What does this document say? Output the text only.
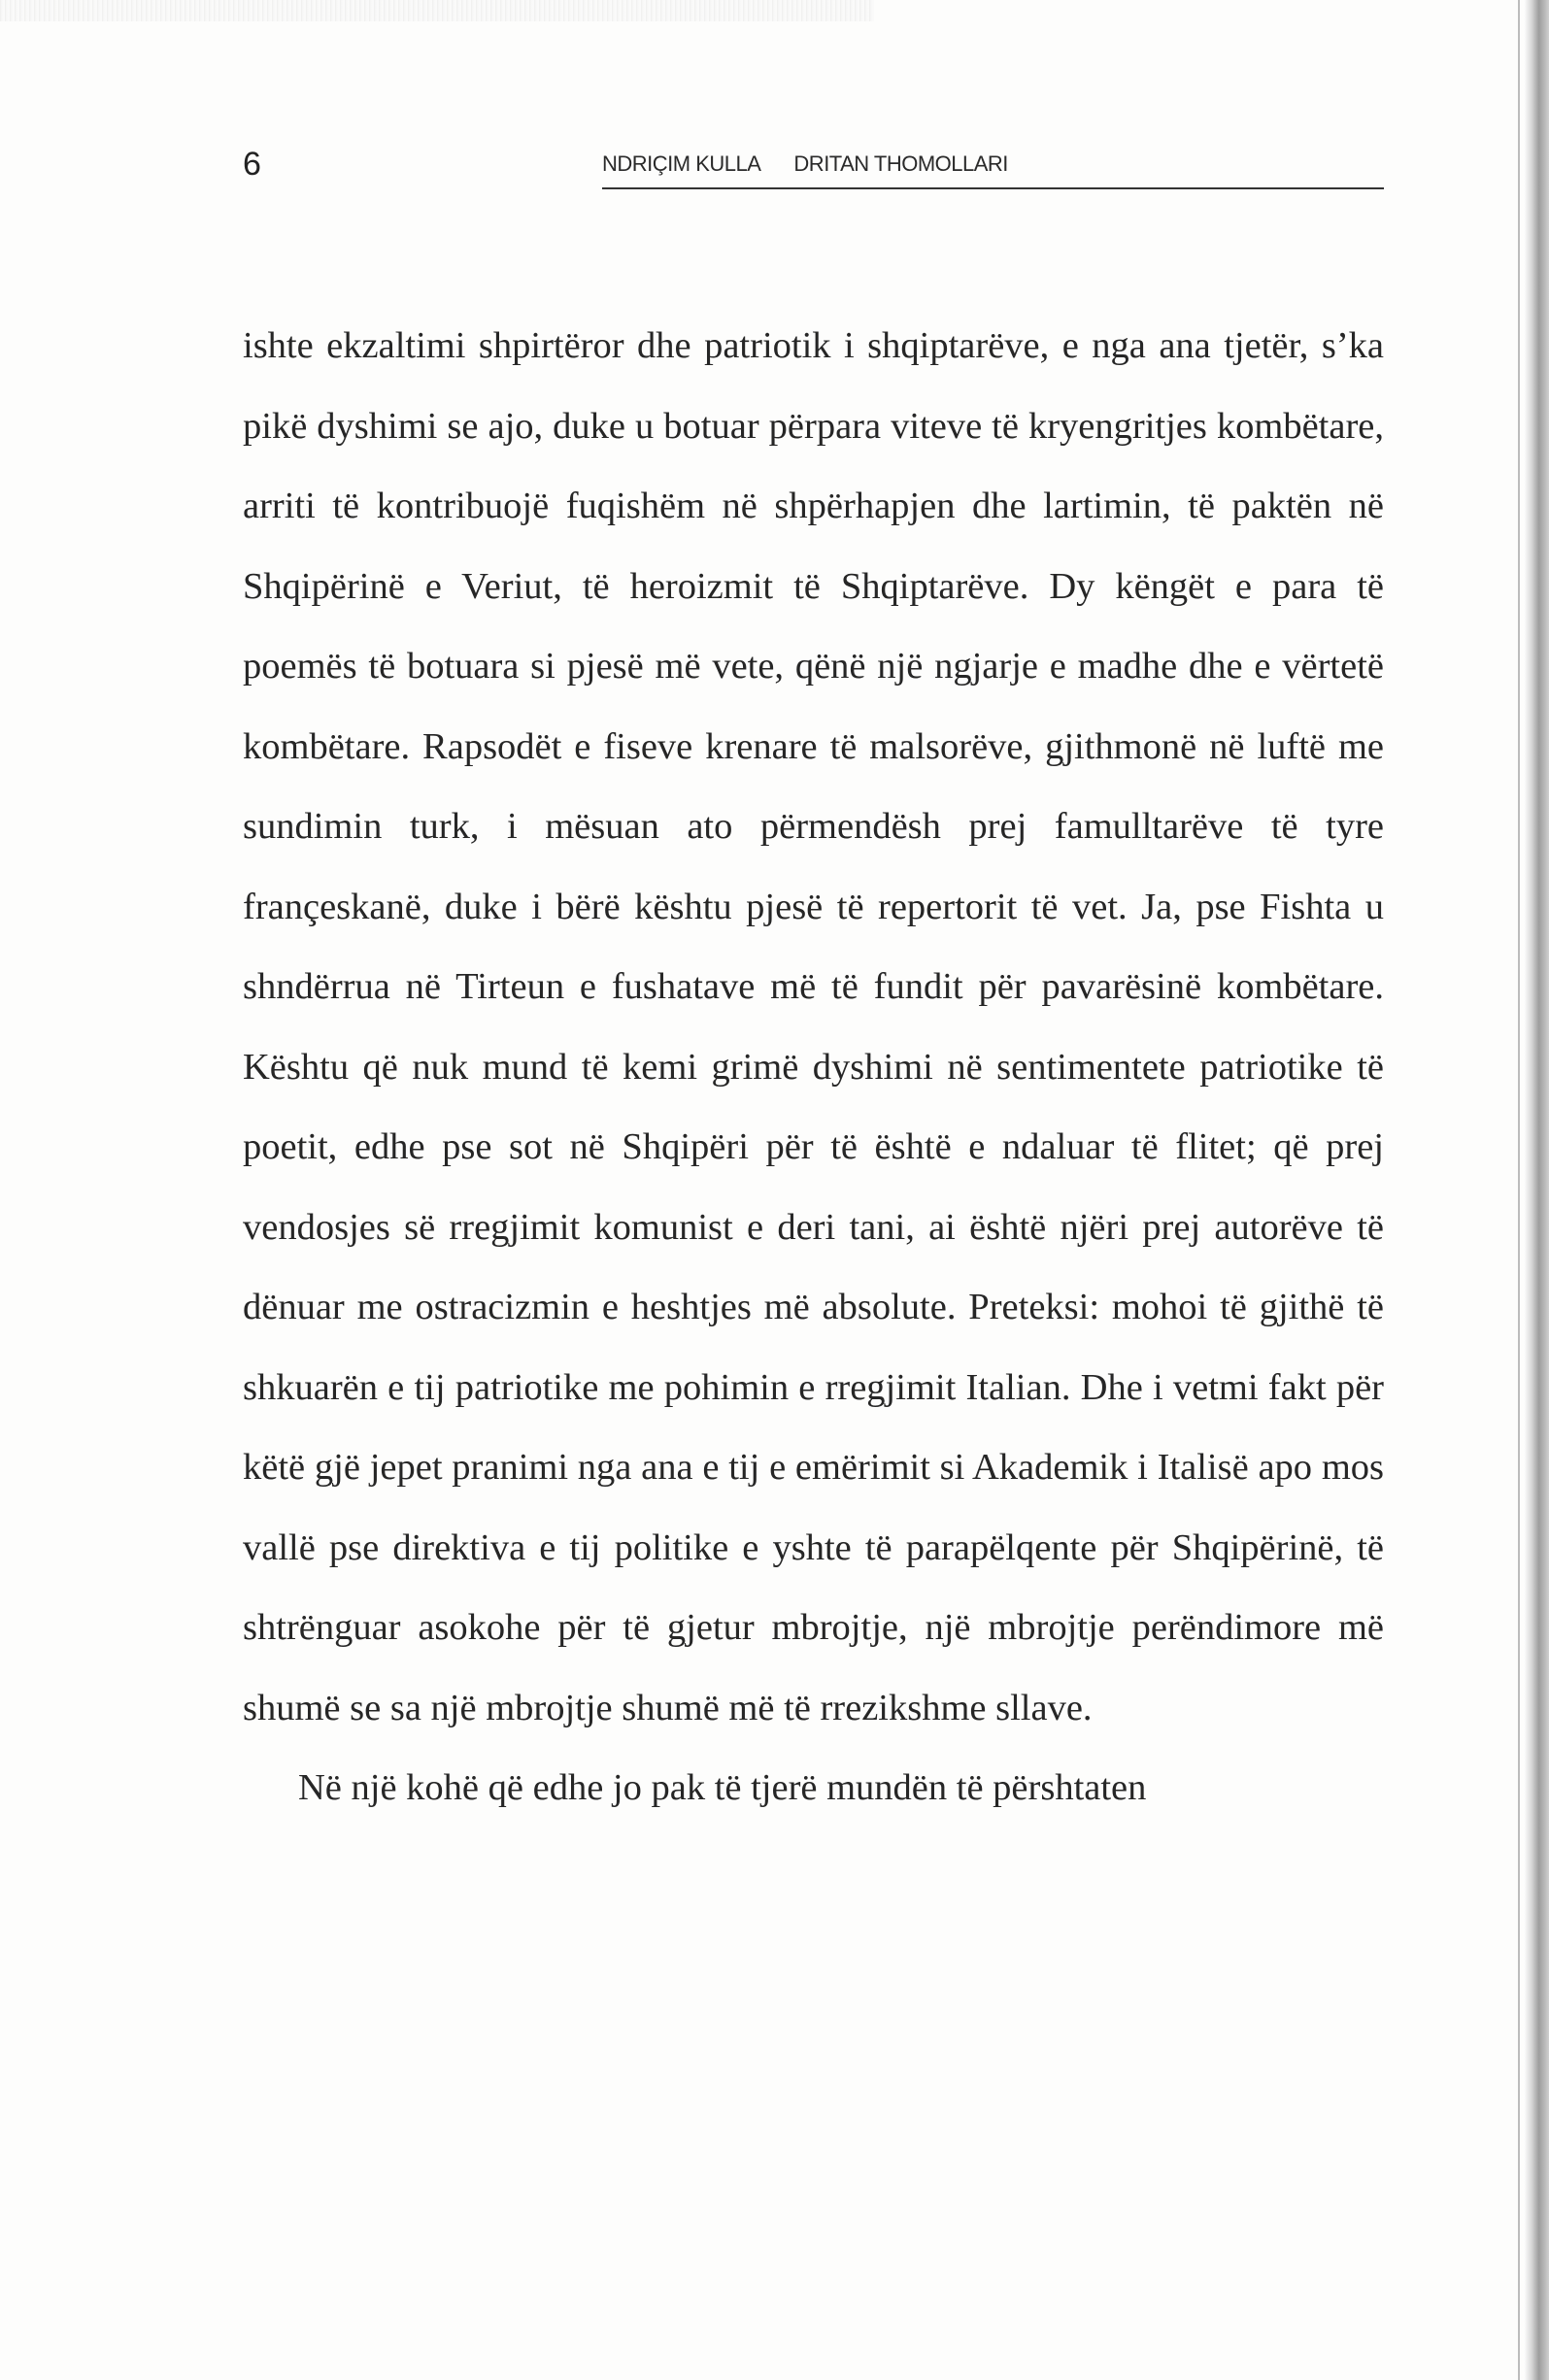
6	NDRIÇIM KULLA DRITAN THOMOLLARI

ishte ekzaltimi shpirtëror dhe patriotik i shqiptarëve, e nga ana tjetër, s’ka pikë dyshimi se ajo, duke u botuar përpara viteve të kryengritjes kombëtare, arriti të kontribuojë fuqishëm në shpërhapjen dhe lartimin, të paktën në Shqipërinë e Veriut, të heroizmit të Shqiptarëve. Dy këngët e para të poemës të botuara si pjesë më vete, qënë një ngjarje e madhe dhe e vërtetë kombëtare. Rapsodët e fiseve krenare të malsorëve, gjithmonë në luftë me sundimin turk, i mësuan ato përmendësh prej famulltarëve të tyre françeskanë, duke i bërë kështu pjesë të repertorit të vet. Ja, pse Fishta u shndërrua në Tirteun e fushatave më të fundit për pavarësinë kombëtare. Kështu që nuk mund të kemi grimë dyshimi në sentimentete patriotike të poetit, edhe pse sot në Shqipëri për të është e ndaluar të flitet; që prej vendosjes së rregjimit komunist e deri tani, ai është njëri prej autorëve të dënuar me ostracizmin e heshtjes më absolute. Preteksi: mohoi të gjithë të shkuarën e tij patriotike me pohimin e rregjimit Italian. Dhe i vetmi fakt për këtë gjë jepet pranimi nga ana e tij e emërimit si Akademik i Italisë apo mos vallë pse direktiva e tij politike e yshte të parapëlqente për Shqipërinë, të shtrënguar asokohe për të gjetur mbrojtje, një mbrojtje perëndimore më shumë se sa një mbrojtje shumë më të rrezikshme sllave.

Në një kohë që edhe jo pak të tjerë mundën të përshtaten
